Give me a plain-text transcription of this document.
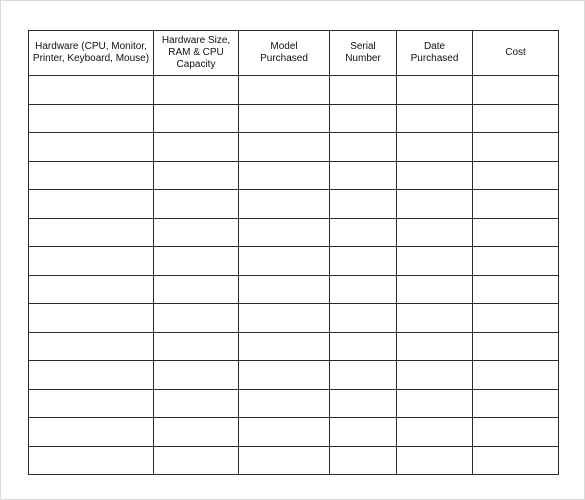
Hardware (CPU, Monitor,
Printer, Keyboard, Mouse)	Hardware Size,
RAM & CPU
Capacity	Model
Purchased	Serial
Number	Date
Purchased	Cost
